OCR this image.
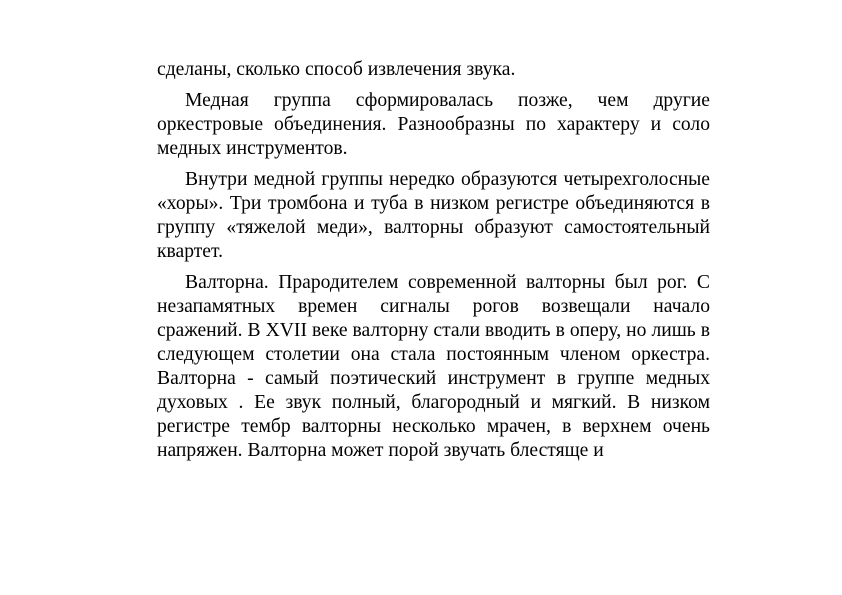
сделаны, сколько способ извлечения звука.

Медная группа сформировалась позже, чем другие оркестровые объединения. Разнообразны по характеру и соло медных инструментов.

Внутри медной группы нередко образуются четырехголосные «хоры». Три тромбона и туба в низком регистре объединяются в группу «тяжелой меди», валторны образуют самостоятельный квартет.

Валторна. Прародителем современной валторны был рог. С незапамятных времен сигналы рогов возвещали начало сражений. В XVII веке валторну стали вводить в оперу, но лишь в следующем столетии она стала постоянным членом оркестра. Валторна - самый поэтический инструмент в группе медных духовых . Ее звук полный, благородный и мягкий. В низком регистре тембр валторны несколько мрачен, в верхнем очень напряжен. Валторна может порой звучать блестяще и
